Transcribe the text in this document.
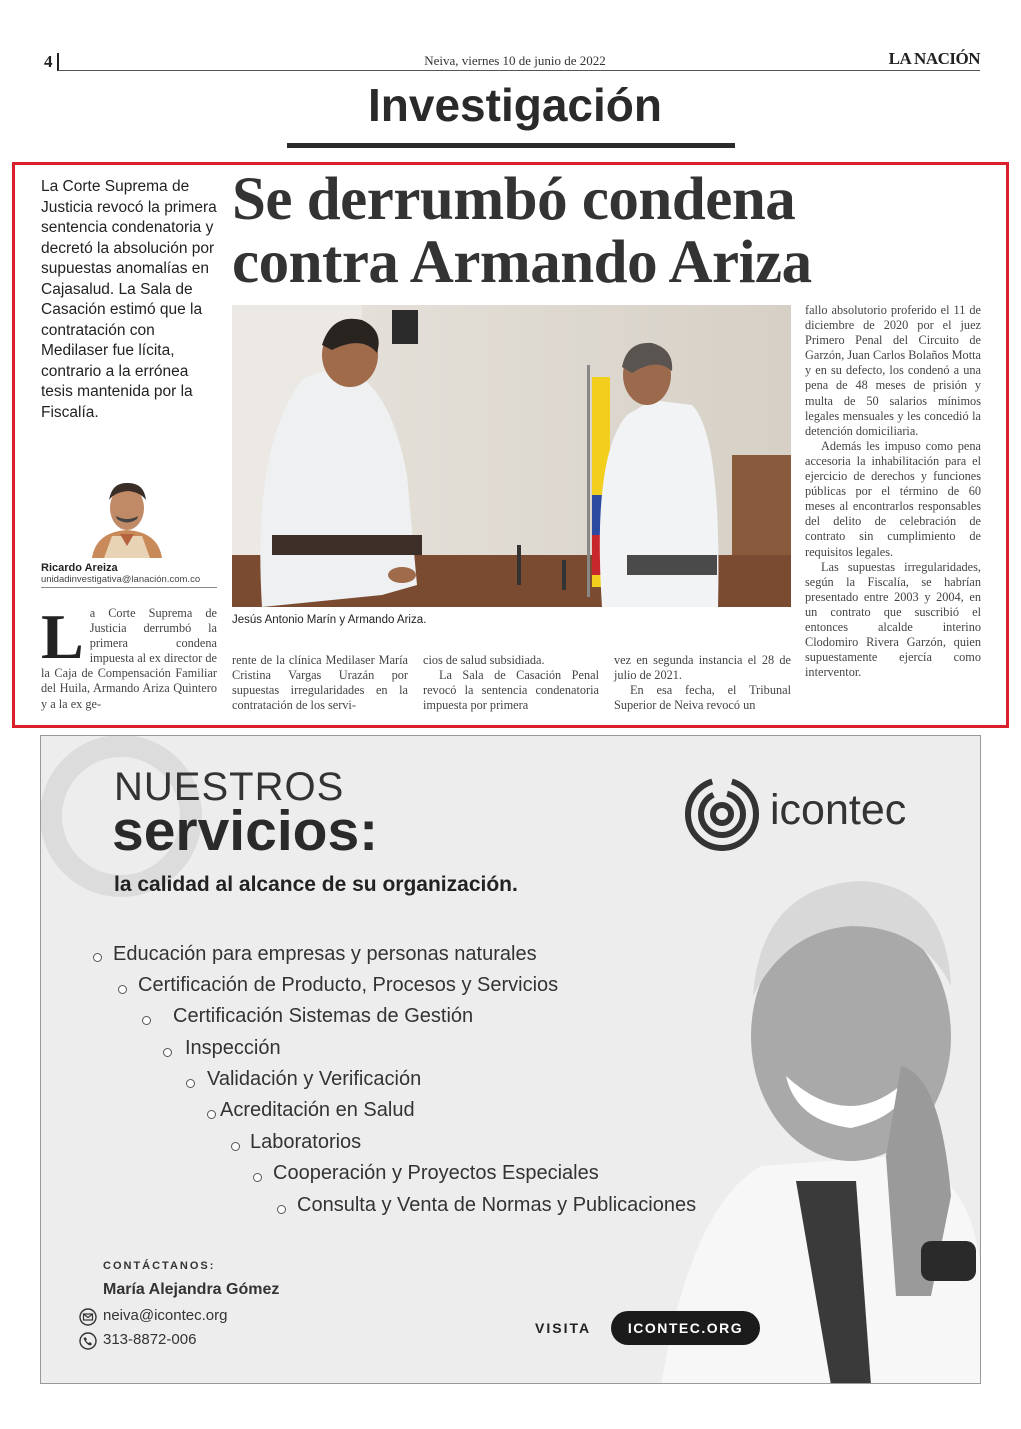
4	Neiva, viernes 10 de junio de 2022	LA NACIÓN
Investigación
La Corte Suprema de Justicia revocó la primera sentencia condenatoria y decretó la absolución por supuestas anomalías en Cajasalud. La Sala de Casación estimó que la contratación con Medilaser fue lícita, contrario a la errónea tesis mantenida por la Fiscalía.
Ricardo Areiza
unidadinvestigativa@lanación.com.co
Se derrumbó condena contra Armando Ariza
Jesús Antonio Marín y Armando Ariza.
La Corte Suprema de Justicia derrumbó la primera condena impuesta al ex director de la Caja de Compensación Familiar del Huila, Armando Ariza Quintero y a la ex ge-

rente de la clínica Medilaser María Cristina Vargas Urazán por supuestas irregularidades en la contratación de los servi-

cios de salud subsidiada.

La Sala de Casación Penal revocó la sentencia condenatoria impuesta por primera

vez en segunda instancia el 28 de julio de 2021.

En esa fecha, el Tribunal Superior de Neiva revocó un

fallo absolutorio proferido el 11 de diciembre de 2020 por el juez Primero Penal del Circuito de Garzón, Juan Carlos Bolaños Motta y en su defecto, los condenó a una pena de 48 meses de prisión y multa de 50 salarios mínimos legales mensuales y les concedió la detención domiciliaria.

Además les impuso como pena accesoria la inhabilitación para el ejercicio de derechos y funciones públicas por el término de 60 meses al encontrarlos responsables del delito de celebración de contrato sin cumplimiento de requisitos legales.

Las supuestas irregularidades, según la Fiscalía, se habrían presentado entre 2003 y 2004, en un contrato que suscribió el entonces alcalde interino Clodomiro Rivera Garzón, quien supuestamente ejercía como interventor.

NUESTROS
servicios:
la calidad al alcance de su organización.
icontec
Educación para empresas y personas naturales
Certificación de Producto, Procesos y Servicios
Certificación Sistemas de Gestión
Inspección
Validación y Verificación
Acreditación en Salud
Laboratorios
Cooperación y Proyectos Especiales
Consulta y Venta de Normas y Publicaciones
CONTÁCTANOS:
María Alejandra Gómez
neiva@icontec.org
313-8872-006
VISITA	ICONTEC.ORG
